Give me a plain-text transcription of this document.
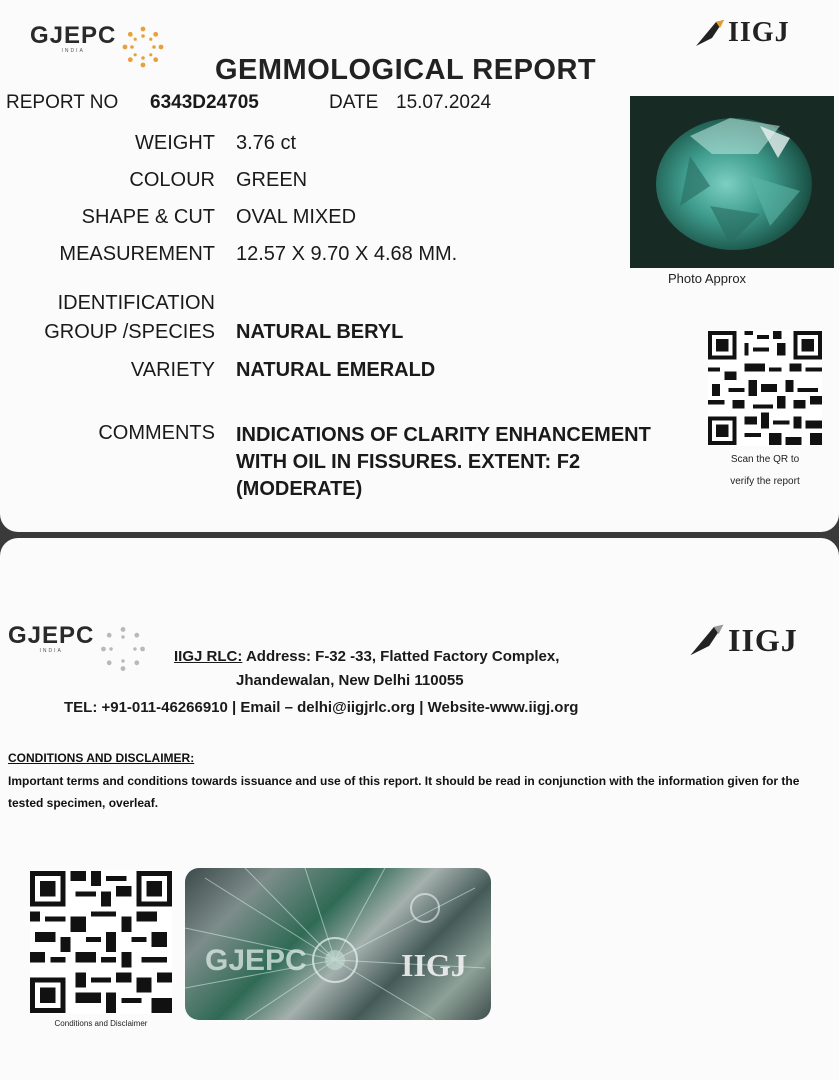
GJEPC
INDIA
IIGJ
GEMMOLOGICAL REPORT
REPORT NO 6343D24705	DATE 15.07.2024
WEIGHT 3.76 ct
COLOUR GREEN
SHAPE & CUT OVAL MIXED
MEASUREMENT 12.57 X 9.70 X 4.68 MM.
IDENTIFICATION
GROUP /SPECIES NATURAL BERYL
VARIETY NATURAL EMERALD
COMMENTS INDICATIONS OF CLARITY ENHANCEMENT
WITH OIL IN FISSURES. EXTENT: F2
(MODERATE)
Photo Approx
Scan the QR to
verify the report
GJEPC
INDIA	IIGJ
IIGJ RLC: Address: F-32 -33, Flatted Factory Complex,
Jhandewalan, New Delhi 110055
TEL: +91-011-46266910 | Email – delhi@iigjrlc.org | Website-www.iigj.org
CONDITIONS AND DISCLAIMER:
Important terms and conditions towards issuance and use of this report. It should be read in conjunction with the information given for the tested specimen, overleaf.
Conditions and Disclaimer
GJEPC	IIGJ
